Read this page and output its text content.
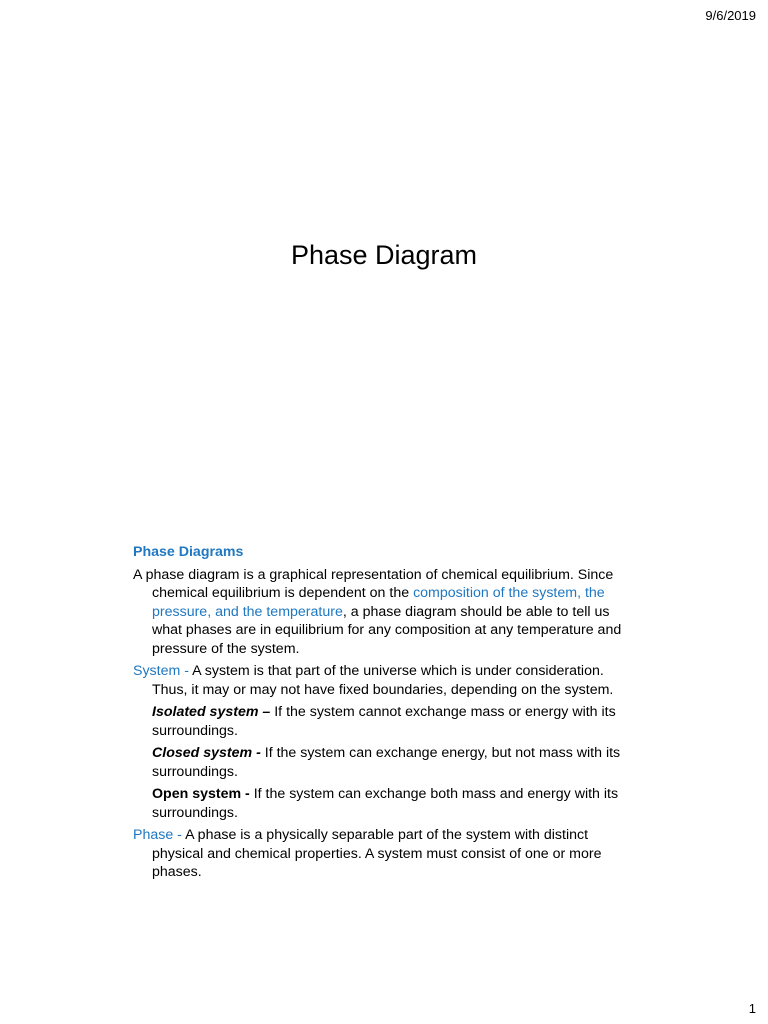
9/6/2019
Phase Diagram
Phase Diagrams

A phase diagram is a graphical representation of chemical equilibrium. Since chemical equilibrium is dependent on the composition of the system, the pressure, and the temperature, a phase diagram should be able to tell us what phases are in equilibrium for any composition at any temperature and pressure of the system.

System - A system is that part of the universe which is under consideration. Thus, it may or may not have fixed boundaries, depending on the system.

Isolated system – If the system cannot exchange mass or energy with its surroundings.

Closed system - If the system can exchange energy, but not mass with its surroundings.

Open system - If the system can exchange both mass and energy with its surroundings.

Phase - A phase is a physically separable part of the system with distinct physical and chemical properties. A system must consist of one or more phases.

1
